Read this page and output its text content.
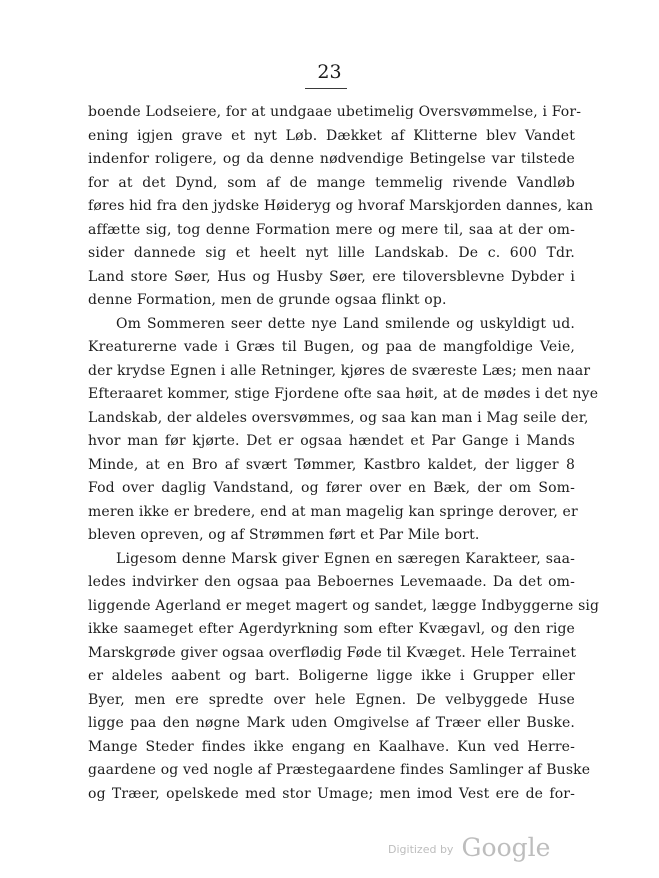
23
boende Lodseiere, for at undgaae ubetimelig Oversvømmelse, i For-
ening igjen grave et nyt Løb. Dækket af Klitterne blev Vandet
indenfor roligere, og da denne nødvendige Betingelse var tilstede
for at det Dynd, som af de mange temmelig rivende Vandløb
føres hid fra den jydske Høideryg og hvoraf Marskjorden dannes, kan
affætte sig, tog denne Formation mere og mere til, saa at der om-
sider dannede sig et heelt nyt lille Landskab. De c. 600 Tdr.
Land store Søer, Hus og Husby Søer, ere tiloversblevne Dybder i
denne Formation, men de grunde ogsaa flinkt op.
Om Sommeren seer dette nye Land smilende og uskyldigt ud.
Kreaturerne vade i Græs til Bugen, og paa de mangfoldige Veie,
der krydse Egnen i alle Retninger, kjøres de sværeste Læs; men naar
Efteraaret kommer, stige Fjordene ofte saa høit, at de mødes i det nye
Landskab, der aldeles oversvømmes, og saa kan man i Mag seile der,
hvor man før kjørte. Det er ogsaa hændet et Par Gange i Mands
Minde, at en Bro af svært Tømmer, Kastbro kaldet, der ligger 8
Fod over daglig Vandstand, og fører over en Bæk, der om Som-
meren ikke er bredere, end at man magelig kan springe derover, er
bleven opreven, og af Strømmen ført et Par Mile bort.
Ligesom denne Marsk giver Egnen en særegen Karakteer, saa-
ledes indvirker den ogsaa paa Beboernes Levemaade. Da det om-
liggende Agerland er meget magert og sandet, lægge Indbyggerne sig
ikke saameget efter Agerdyrkning som efter Kvægavl, og den rige
Marskgrøde giver ogsaa overflødig Føde til Kvæget. Hele Terrainet
er aldeles aabent og bart. Boligerne ligge ikke i Grupper eller
Byer, men ere spredte over hele Egnen. De velbyggede Huse
ligge paa den nøgne Mark uden Omgivelse af Træer eller Buske.
Mange Steder findes ikke engang en Kaalhave. Kun ved Herre-
gaardene og ved nogle af Præstegaardene findes Samlinger af Buske
og Træer, opelskede med stor Umage; men imod Vest ere de for-
Digitized by Google
